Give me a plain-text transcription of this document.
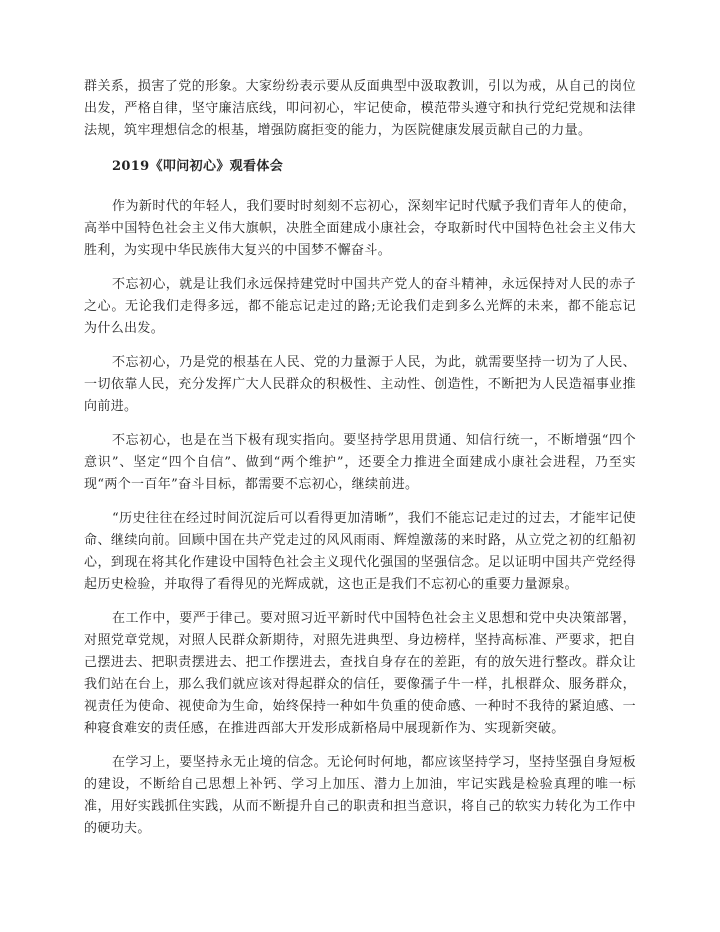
群关系，损害了党的形象。大家纷纷表示要从反面典型中汲取教训，引以为戒，从自己的岗位出发，严格自律，坚守廉洁底线，叩问初心，牢记使命，模范带头遵守和执行党纪党规和法律法规，筑牢理想信念的根基，增强防腐拒变的能力，为医院健康发展贡献自己的力量。

2019《叩问初心》观看体会

作为新时代的年轻人，我们要时时刻刻不忘初心，深刻牢记时代赋予我们青年人的使命，高举中国特色社会主义伟大旗帜，决胜全面建成小康社会，夺取新时代中国特色社会主义伟大胜利，为实现中华民族伟大复兴的中国梦不懈奋斗。

不忘初心，就是让我们永远保持建党时中国共产党人的奋斗精神，永远保持对人民的赤子之心。无论我们走得多远，都不能忘记走过的路;无论我们走到多么光辉的未来，都不能忘记为什么出发。

不忘初心，乃是党的根基在人民、党的力量源于人民，为此，就需要坚持一切为了人民、一切依靠人民，充分发挥广大人民群众的积极性、主动性、创造性，不断把为人民造福事业推向前进。

不忘初心，也是在当下极有现实指向。要坚持学思用贯通、知信行统一，不断增强“四个意识”、坚定“四个自信”、做到“两个维护”，还要全力推进全面建成小康社会进程，乃至实现“两个一百年”奋斗目标，都需要不忘初心，继续前进。

“历史往往在经过时间沉淀后可以看得更加清晰”，我们不能忘记走过的过去，才能牢记使命、继续向前。回顾中国在共产党走过的风风雨雨、辉煌激荡的来时路，从立党之初的红船初心，到现在将其化作建设中国特色社会主义现代化强国的坚强信念。足以证明中国共产党经得起历史检验，并取得了看得见的光辉成就，这也正是我们不忘初心的重要力量源泉。

在工作中，要严于律己。要对照习近平新时代中国特色社会主义思想和党中央决策部署，对照党章党规，对照人民群众新期待，对照先进典型、身边榜样，坚持高标准、严要求，把自己摆进去、把职责摆进去、把工作摆进去，查找自身存在的差距，有的放矢进行整改。群众让我们站在台上，那么我们就应该对得起群众的信任，要像孺子牛一样，扎根群众、服务群众，视责任为使命、视使命为生命，始终保持一种如牛负重的使命感、一种时不我待的紧迫感、一种寝食难安的责任感，在推进西部大开发形成新格局中展现新作为、实现新突破。

在学习上，要坚持永无止境的信念。无论何时何地，都应该坚持学习，坚持坚强自身短板的建设，不断给自己思想上补钙、学习上加压、潜力上加油，牢记实践是检验真理的唯一标准，用好实践抓住实践，从而不断提升自己的职责和担当意识，将自己的软实力转化为工作中的硬功夫。
